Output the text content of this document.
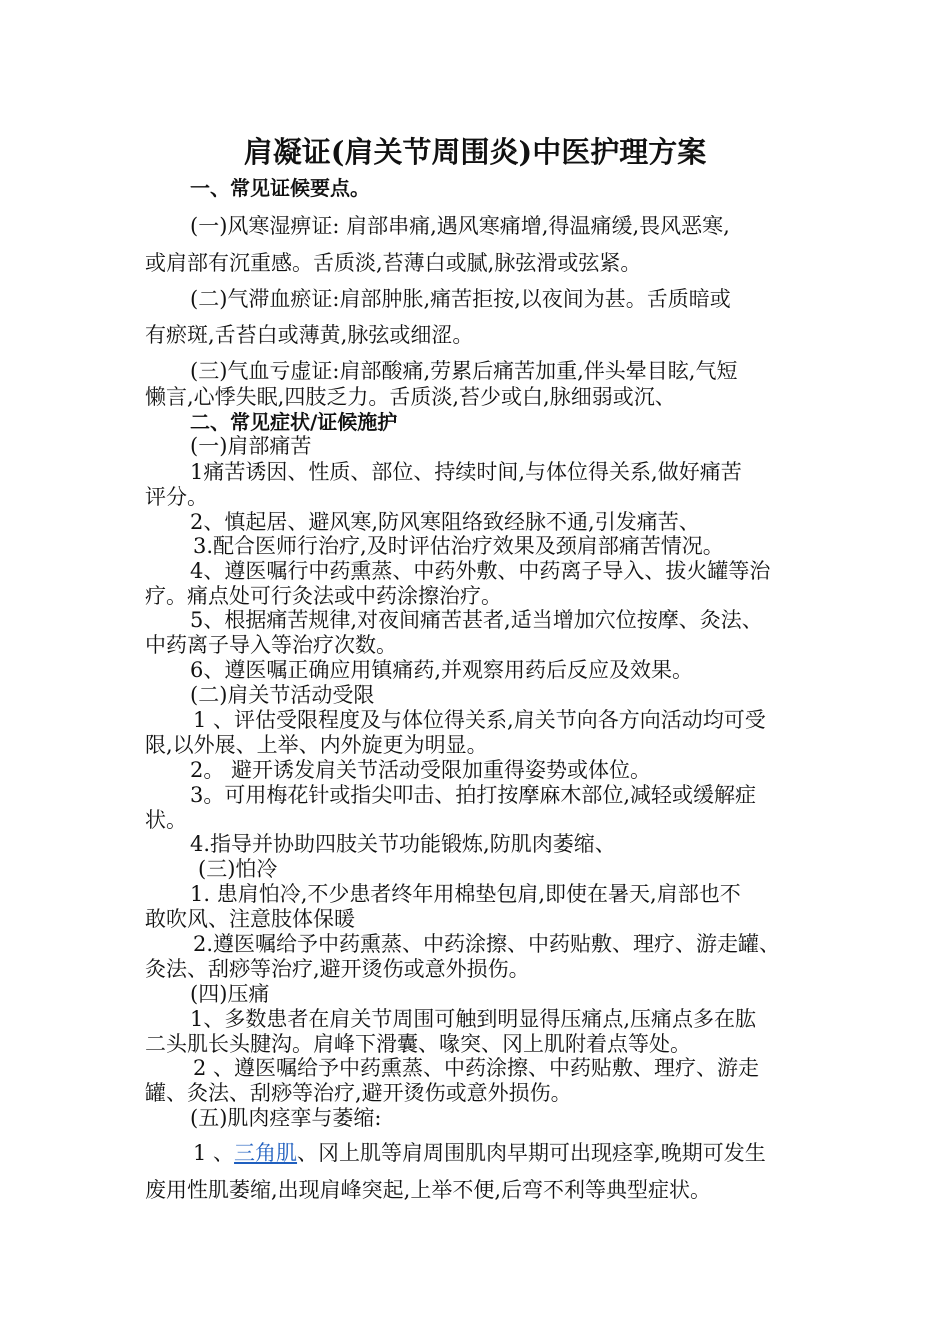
肩凝证(肩关节周围炎)中医护理方案
一、常见证候要点。
(一)风寒湿痹证: 肩部串痛,遇风寒痛增,得温痛缓,畏风恶寒,
或肩部有沉重感。舌质淡,苔薄白或腻,脉弦滑或弦紧。
(二)气滞血瘀证:肩部肿胀,痛苦拒按,以夜间为甚。舌质暗或
有瘀斑,舌苔白或薄黄,脉弦或细涩。
(三)气血亏虚证:肩部酸痛,劳累后痛苦加重,伴头晕目眩,气短
懒言,心悸失眠,四肢乏力。舌质淡,苔少或白,脉细弱或沉、
二、常见症状/证候施护
(一)肩部痛苦
1痛苦诱因、性质、部位、持续时间,与体位得关系,做好痛苦
评分。
2、慎起居、避风寒,防风寒阻络致经脉不通,引发痛苦、
3.配合医师行治疗,及时评估治疗效果及颈肩部痛苦情况。
4、遵医嘱行中药熏蒸、中药外敷、中药离子导入、拔火罐等治
疗。痛点处可行灸法或中药涂擦治疗。
5、根据痛苦规律,对夜间痛苦甚者,适当增加穴位按摩、灸法、
中药离子导入等治疗次数。
6、遵医嘱正确应用镇痛药,并观察用药后反应及效果。
(二)肩关节活动受限
1 、评估受限程度及与体位得关系,肩关节向各方向活动均可受
限,以外展、上举、内外旋更为明显。
2。 避开诱发肩关节活动受限加重得姿势或体位。
3。可用梅花针或指尖叩击、拍打按摩麻木部位,减轻或缓解症
状。
4.指导并协助四肢关节功能锻炼,防肌肉萎缩、
(三)怕冷
1. 患肩怕冷,不少患者终年用棉垫包肩,即使在暑天,肩部也不
敢吹风、注意肢体保暖
2.遵医嘱给予中药熏蒸、中药涂擦、中药贴敷、理疗、游走罐、
灸法、刮痧等治疗,避开烫伤或意外损伤。
(四)压痛
1、多数患者在肩关节周围可触到明显得压痛点,压痛点多在肱
二头肌长头腱沟。肩峰下滑囊、喙突、冈上肌附着点等处。
2 、遵医嘱给予中药熏蒸、中药涂擦、中药贴敷、理疗、游走
罐、灸法、刮痧等治疗,避开烫伤或意外损伤。
(五)肌肉痉挛与萎缩:
1 、三角肌、冈上肌等肩周围肌肉早期可出现痉挛,晚期可发生
废用性肌萎缩,出现肩峰突起,上举不便,后弯不利等典型症状。
